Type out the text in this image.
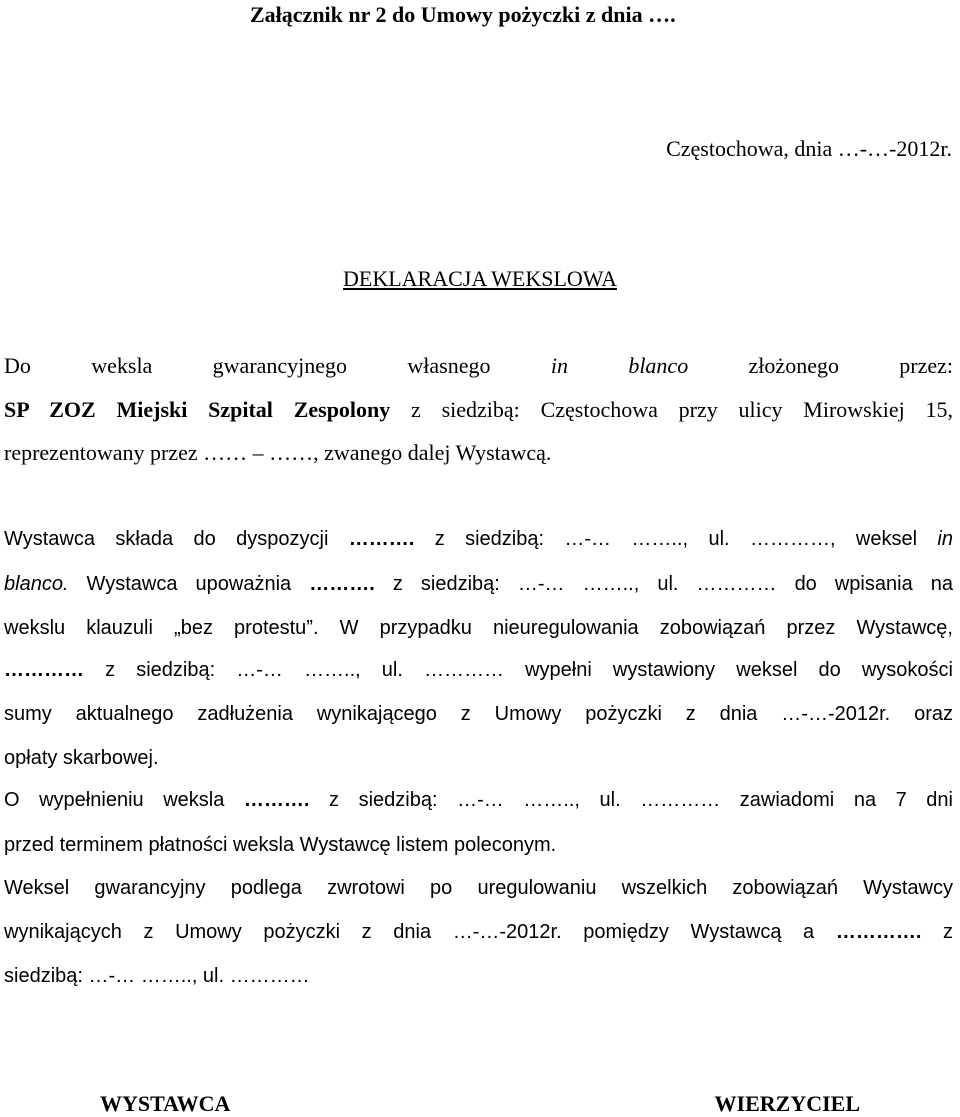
Załącznik nr 2 do Umowy pożyczki z dnia ….
Częstochowa, dnia …-…-2012r.
DEKLARACJA WEKSLOWA
Do	weksla	gwarancyjnego	własnego	in	blanco	złożonego	przez:
SP ZOZ Miejski Szpital Zespolony z siedzibą: Częstochowa przy ulicy Mirowskiej 15,
reprezentowany przez …… – ……, zwanego dalej Wystawcą.
Wystawca składa do dyspozycji ………. z siedzibą: …-… …….., ul. …………, weksel in
blanco. Wystawca upoważnia ………. z siedzibą: …-… …….., ul. ………… do wpisania na
wekslu klauzuli „bez protestu”. W przypadku nieuregulowania zobowiązań przez Wystawcę,
………… z siedzibą: …-… …….., ul. ………… wypełni wystawiony weksel do wysokości
sumy aktualnego zadłużenia wynikającego z Umowy pożyczki z dnia …-…-2012r. oraz
opłaty skarbowej.
O wypełnieniu weksla ………. z siedzibą: …-… …….., ul. ………… zawiadomi na 7 dni
przed terminem płatności weksla Wystawcę listem poleconym.
Weksel gwarancyjny podlega zwrotowi po uregulowaniu wszelkich zobowiązań Wystawcy
wynikających z Umowy pożyczki z dnia …-…-2012r. pomiędzy Wystawcą a …………. z
siedzibą: …-… …….., ul. …………
WYSTAWCA	WIERZYCIEL
